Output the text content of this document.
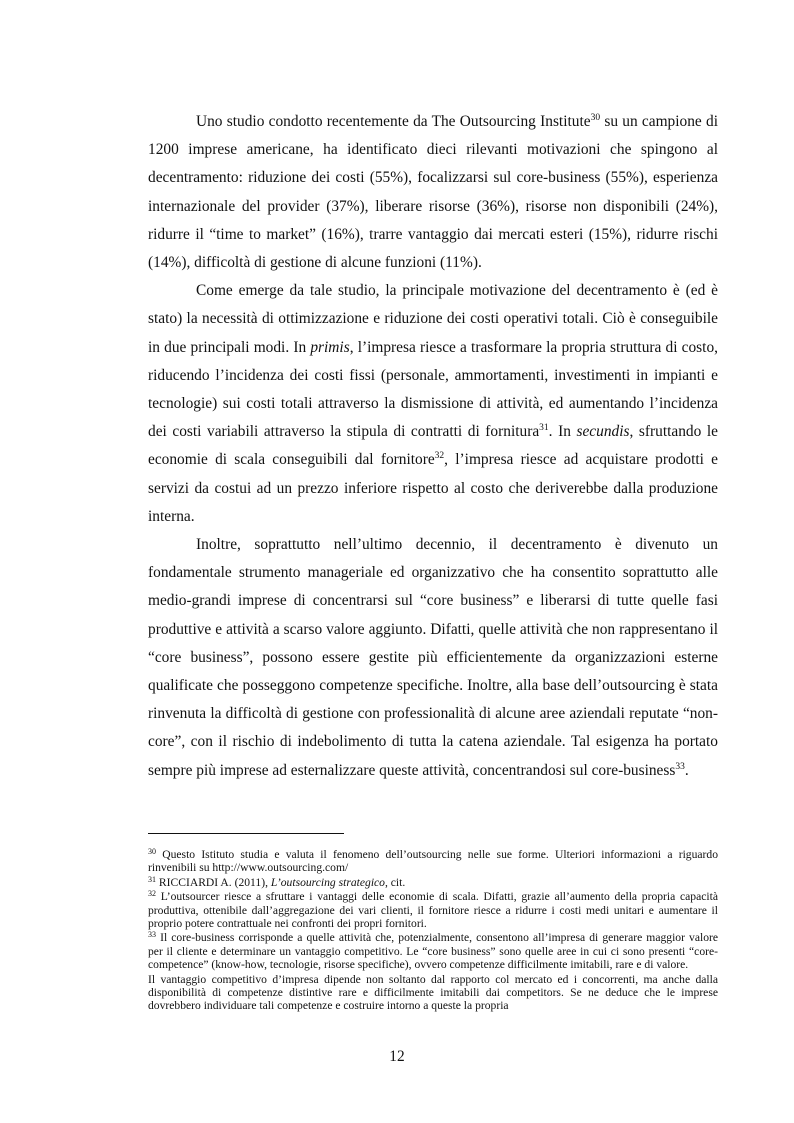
Uno studio condotto recentemente da The Outsourcing Institute$^{30}$ su un campione di 1200 imprese americane, ha identificato dieci rilevanti motivazioni che spingono al decentramento: riduzione dei costi (55%), focalizzarsi sul core-business (55%), esperienza internazionale del provider (37%), liberare risorse (36%), risorse non disponibili (24%), ridurre il “time to market” (16%), trarre vantaggio dai mercati esteri (15%), ridurre rischi (14%), difficoltà di gestione di alcune funzioni (11%).

Come emerge da tale studio, la principale motivazione del decentramento è (ed è stato) la necessità di ottimizzazione e riduzione dei costi operativi totali. Ciò è conseguibile in due principali modi. In primis, l’impresa riesce a trasformare la propria struttura di costo, riducendo l’incidenza dei costi fissi (personale, ammortamenti, investimenti in impianti e tecnologie) sui costi totali attraverso la dismissione di attività, ed aumentando l’incidenza dei costi variabili attraverso la stipula di contratti di fornitura$^{31}$. In secundis, sfruttando le economie di scala conseguibili dal fornitore$^{32}$, l’impresa riesce ad acquistare prodotti e servizi da costui ad un prezzo inferiore rispetto al costo che deriverebbe dalla produzione interna.

Inoltre, soprattutto nell’ultimo decennio, il decentramento è divenuto un fondamentale strumento manageriale ed organizzativo che ha consentito soprattutto alle medio-grandi imprese di concentrarsi sul “core business” e liberarsi di tutte quelle fasi produttive e attività a scarso valore aggiunto. Difatti, quelle attività che non rappresentano il “core business”, possono essere gestite più efficientemente da organizzazioni esterne qualificate che posseggono competenze specifiche. Inoltre, alla base dell’outsourcing è stata rinvenuta la difficoltà di gestione con professionalità di alcune aree aziendali reputate “non-core”, con il rischio di indebolimento di tutta la catena aziendale. Tal esigenza ha portato sempre più imprese ad esternalizzare queste attività, concentrandosi sul core-business$^{33}$.

$^{30}$ Questo Istituto studia e valuta il fenomeno dell’outsourcing nelle sue forme. Ulteriori informazioni a riguardo rinvenibili su http://www.outsourcing.com/

$^{31}$ RICCIARDI A. (2011), L’outsourcing strategico, cit.

$^{32}$ L’outsourcer riesce a sfruttare i vantaggi delle economie di scala. Difatti, grazie all’aumento della propria capacità produttiva, ottenibile dall’aggregazione dei vari clienti, il fornitore riesce a ridurre i costi medi unitari e aumentare il proprio potere contrattuale nei confronti dei propri fornitori.

$^{33}$ Il core-business corrisponde a quelle attività che, potenzialmente, consentono all’impresa di generare maggior valore per il cliente e determinare un vantaggio competitivo. Le “core business” sono quelle aree in cui ci sono presenti “core-competence” (know-how, tecnologie, risorse specifiche), ovvero competenze difficilmente imitabili, rare e di valore.

Il vantaggio competitivo d’impresa dipende non soltanto dal rapporto col mercato ed i concorrenti, ma anche dalla disponibilità di competenze distintive rare e difficilmente imitabili dai competitors. Se ne deduce che le imprese dovrebbero individuare tali competenze e costruire intorno a queste la propria

12
